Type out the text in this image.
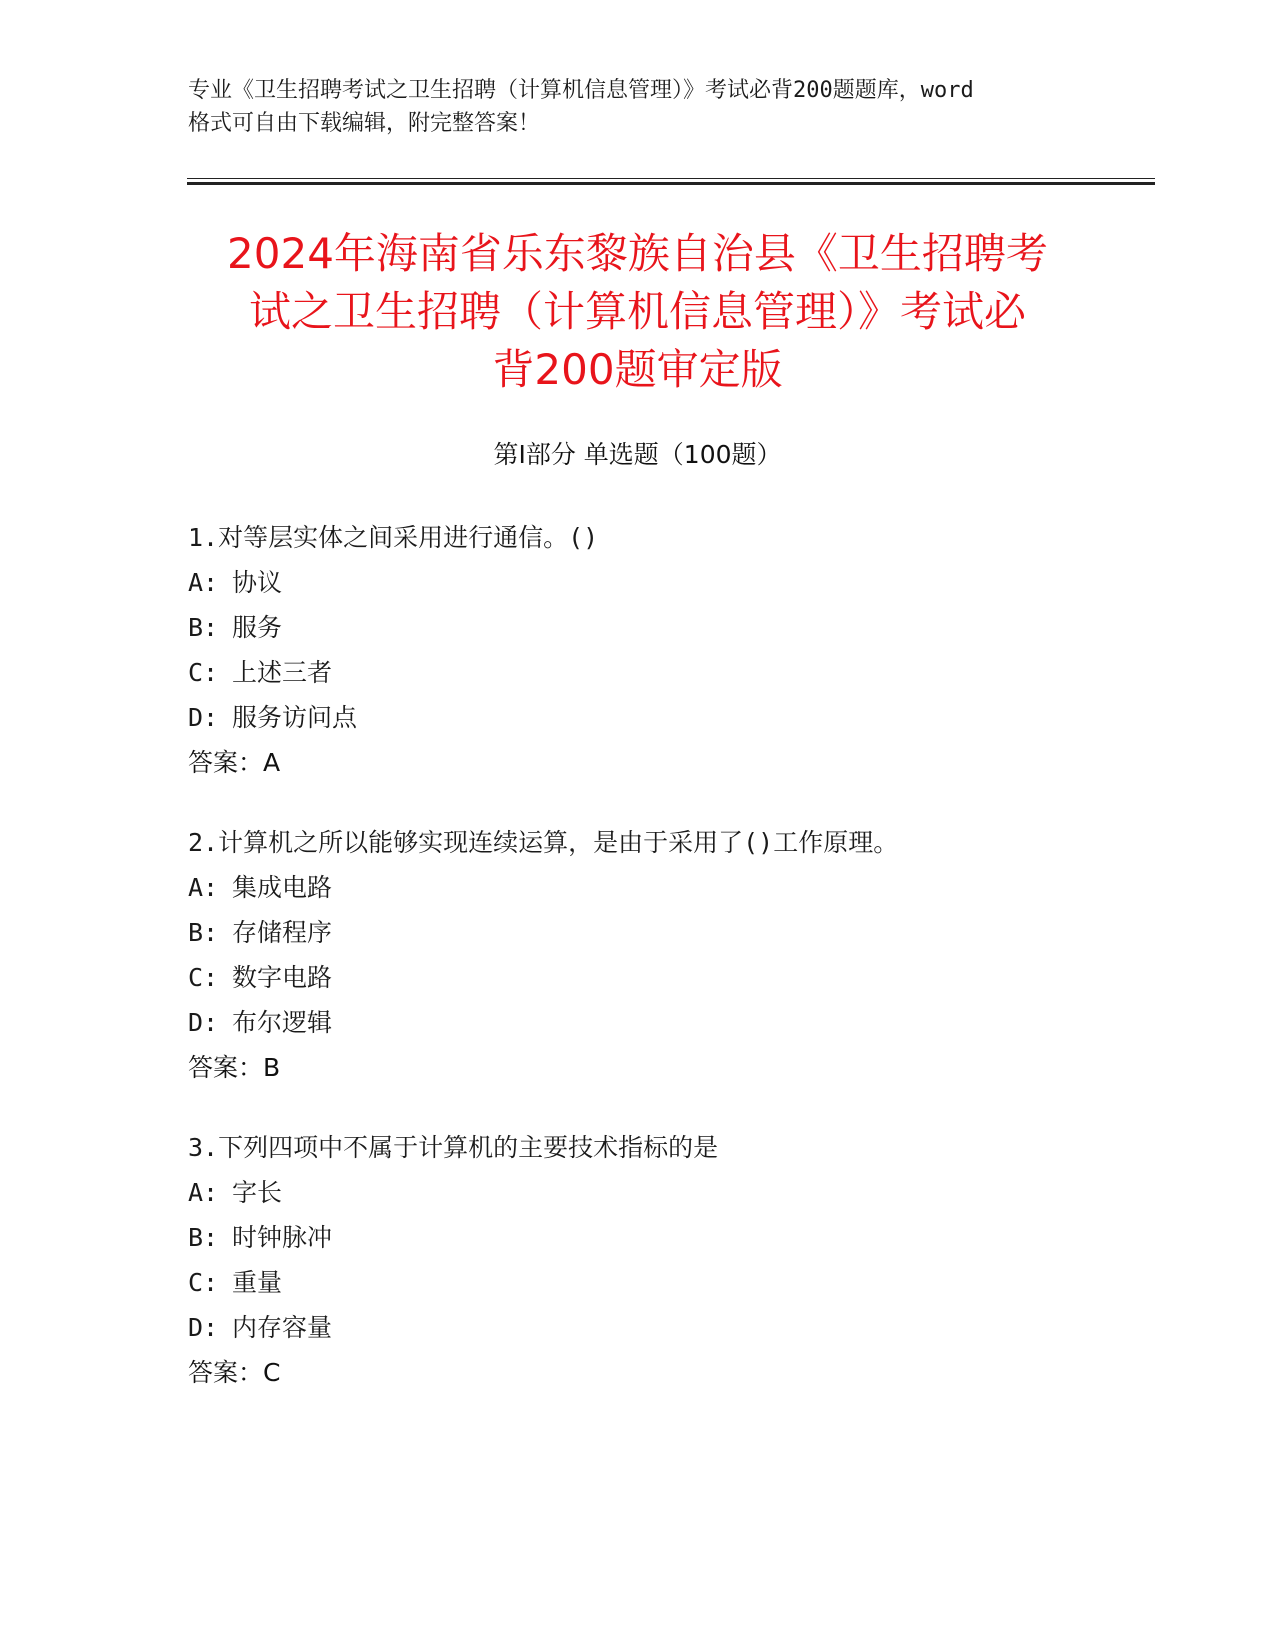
专业《卫生招聘考试之卫生招聘（计算机信息管理）》考试必背200题题库，word
格式可自由下载编辑，附完整答案！
2024年海南省乐东黎族自治县《卫生招聘考
试之卫生招聘（计算机信息管理）》考试必
背200题审定版
第Ⅰ部分 单选题（100题）
1.对等层实体之间采用进行通信。()
A: 协议
B: 服务
C: 上述三者
D: 服务访问点
答案：A
2.计算机之所以能够实现连续运算，是由于采用了()工作原理。
A: 集成电路
B: 存储程序
C: 数字电路
D: 布尔逻辑
答案：B
3.下列四项中不属于计算机的主要技术指标的是
A: 字长
B: 时钟脉冲
C: 重量
D: 内存容量
答案：C
